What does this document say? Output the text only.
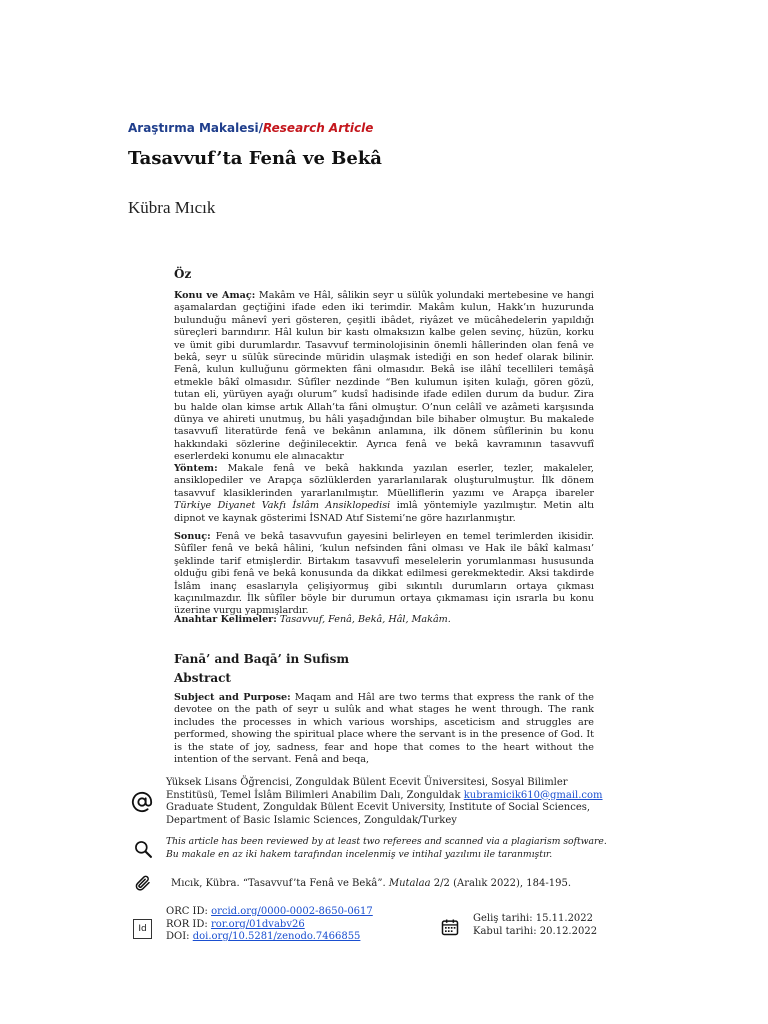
Araştırma Makalesi/Research Article
Tasavvuf’ta Fenâ ve Bekâ
Kübra Mıcık
Öz
Konu ve Amaç: Makâm ve Hâl, sâlikin seyr u sülûk yolundaki mertebesine ve hangi aşamalardan geçtiğini ifade eden iki terimdir. Makâm kulun, Hakk’ın huzurunda bulunduğu mânevî yeri gösteren, çeşitli ibâdet, riyâzet ve mücâhedelerin yapıldığı süreçleri barındırır. Hâl kulun bir kastı olmaksızın kalbe gelen sevinç, hüzün, korku ve ümit gibi durumlardır. Tasavvuf terminolojisinin önemli hâllerinden olan fenâ ve bekâ, seyr u sülûk sürecinde müridin ulaşmak istediği en son hedef olarak bilinir. Fenâ, kulun kulluğunu görmekten fâni olmasıdır. Bekâ ise ilâhî tecellileri temâşâ etmekle bâkî olmasıdır. Sûfîler nezdinde “Ben kulumun işiten kulağı, gören gözü, tutan eli, yürüyen ayağı olurum” kudsî hadisinde ifade edilen durum da budur. Zira bu halde olan kimse artık Allah’ta fâni olmuştur. O’nun celâlî ve azâmeti karşısında dünya ve ahireti unutmuş, bu hâli yaşadığından bile bihaber olmuştur. Bu makalede tasavvufî literatürde fenâ ve bekânın anlamına, ilk dönem sûfîlerinin bu konu hakkındaki sözlerine değinilecektir. Ayrıca fenâ ve bekâ kavramının tasavvufî eserlerdeki konumu ele alınacaktır
Yöntem: Makale fenâ ve bekâ hakkında yazılan eserler, tezler, makaleler, ansiklopediler ve Arapça sözlüklerden yararlanılarak oluşturulmuştur. İlk dönem tasavvuf klasiklerinden yararlanılmıştır. Müelliflerin yazımı ve Arapça ibareler Türkiye Diyanet Vakfı İslâm Ansiklopedisi imlâ yöntemiyle yazılmıştır. Metin altı dipnot ve kaynak gösterimi İSNAD Atıf Sistemi’ne göre hazırlanmıştır.
Sonuç: Fenâ ve bekâ tasavvufun gayesini belirleyen en temel terimlerden ikisidir. Sûfîler fenâ ve bekâ hâlini, ‘kulun nefsinden fâni olması ve Hak ile bâkî kalması’ şeklinde tarif etmişlerdir. Birtakım tasavvufî meselelerin yorumlanması hususunda olduğu gibi fenâ ve bekâ konusunda da dikkat edilmesi gerekmektedir. Aksi takdirde İslâm inanç esaslarıyla çelişiyormuş gibi sıkıntılı durumların ortaya çıkması kaçınılmazdır. İlk sûfîler böyle bir durumun ortaya çıkmaması için ısrarla bu konu üzerine vurgu yapmışlardır.
Anahtar Kelimeler: Tasavvuf, Fenâ, Bekâ, Hâl, Makâm.
Fanā’ and Baqā’ in Sufism
Abstract
Subject and Purpose: Maqam and Hâl are two terms that express the rank of the devotee on the path of seyr u sulûk and what stages he went through. The rank includes the processes in which various worships, asceticism and struggles are performed, showing the spiritual place where the servant is in the presence of God. It is the state of joy, sadness, fear and hope that comes to the heart without the intention of the servant. Fenâ and beqa,
Yüksek Lisans Öğrencisi, Zonguldak Bülent Ecevit Üniversitesi, Sosyal Bilimler Enstitüsü, Temel İslâm Bilimleri Anabilim Dalı, Zonguldak kubramicik610@gmail.com
Graduate Student, Zonguldak Bülent Ecevit University, Institute of Social Sciences, Department of Basic Islamic Sciences, Zonguldak/Turkey
This article has been reviewed by at least two referees and scanned via a plagiarism software.
Bu makale en az iki hakem tarafından incelenmiş ve intihal yazılımı ile taranmıştır.
Mıcık, Kübra. “Tasavvuf’ta Fenâ ve Bekâ”. Mutalaa 2/2 (Aralık 2022), 184-195.
Id
ORC ID: orcid.org/0000-0002-8650-0617
ROR ID: ror.org/01dvabv26
DOI: doi.org/10.5281/zenodo.7466855
Geliş tarihi: 15.11.2022
Kabul tarihi: 20.12.2022
